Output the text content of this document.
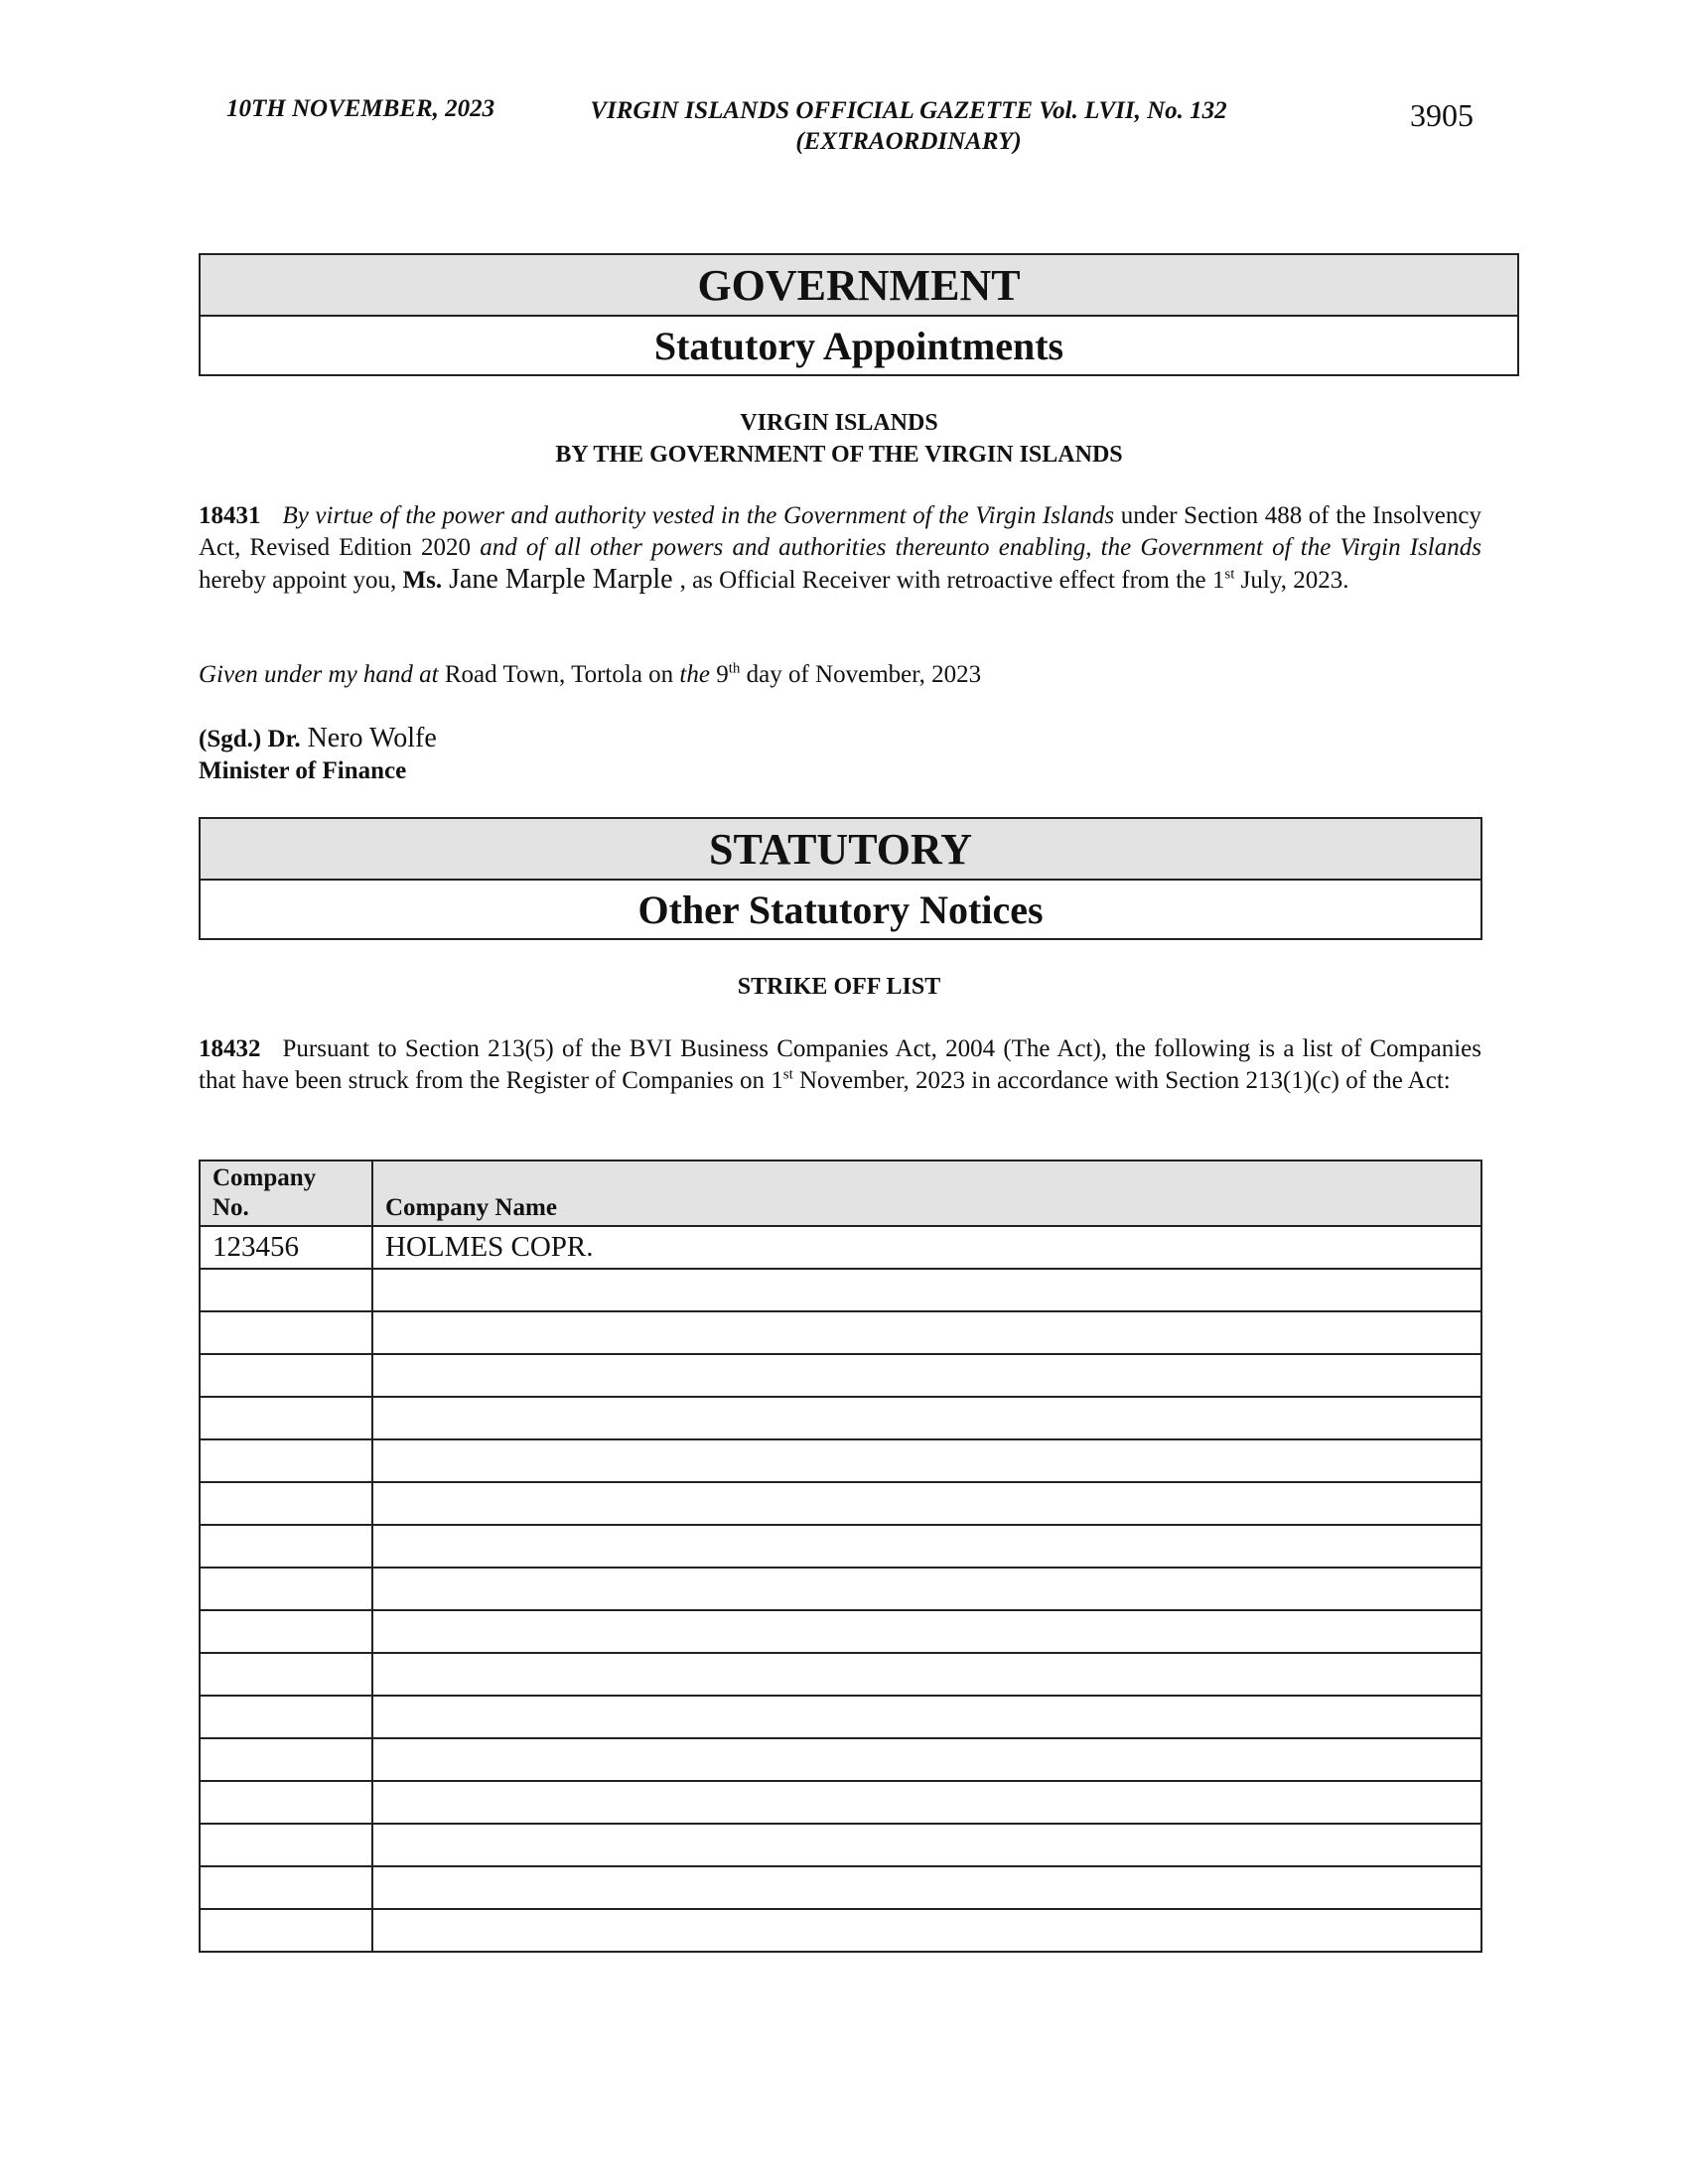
10TH NOVEMBER, 2023	VIRGIN ISLANDS OFFICIAL GAZETTE Vol. LVII, No. 132
(EXTRAORDINARY)
3905
GOVERNMENT
Statutory Appointments
VIRGIN ISLANDS
BY THE GOVERNMENT OF THE VIRGIN ISLANDS
18431 By virtue of the power and authority vested in the Government of the Virgin Islands under Section 488 of the Insolvency Act, Revised Edition 2020 and of all other powers and authorities thereunto enabling, the Government of the Virgin Islands hereby appoint you, Ms. Jane Marple Marple , as Official Receiver with retroactive effect from the 1st July, 2023.
Given under my hand at Road Town, Tortola on the 9th day of November, 2023
(Sgd.) Dr. Nero Wolfe
Minister of Finance
STATUTORY
Other Statutory Notices
STRIKE OFF LIST
18432 Pursuant to Section 213(5) of the BVI Business Companies Act, 2004 (The Act), the following is a list of Companies that have been struck from the Register of Companies on 1st November, 2023 in accordance with Section 213(1)(c) of the Act:
Company
No.	Company Name
123456	HOLMES COPR.
